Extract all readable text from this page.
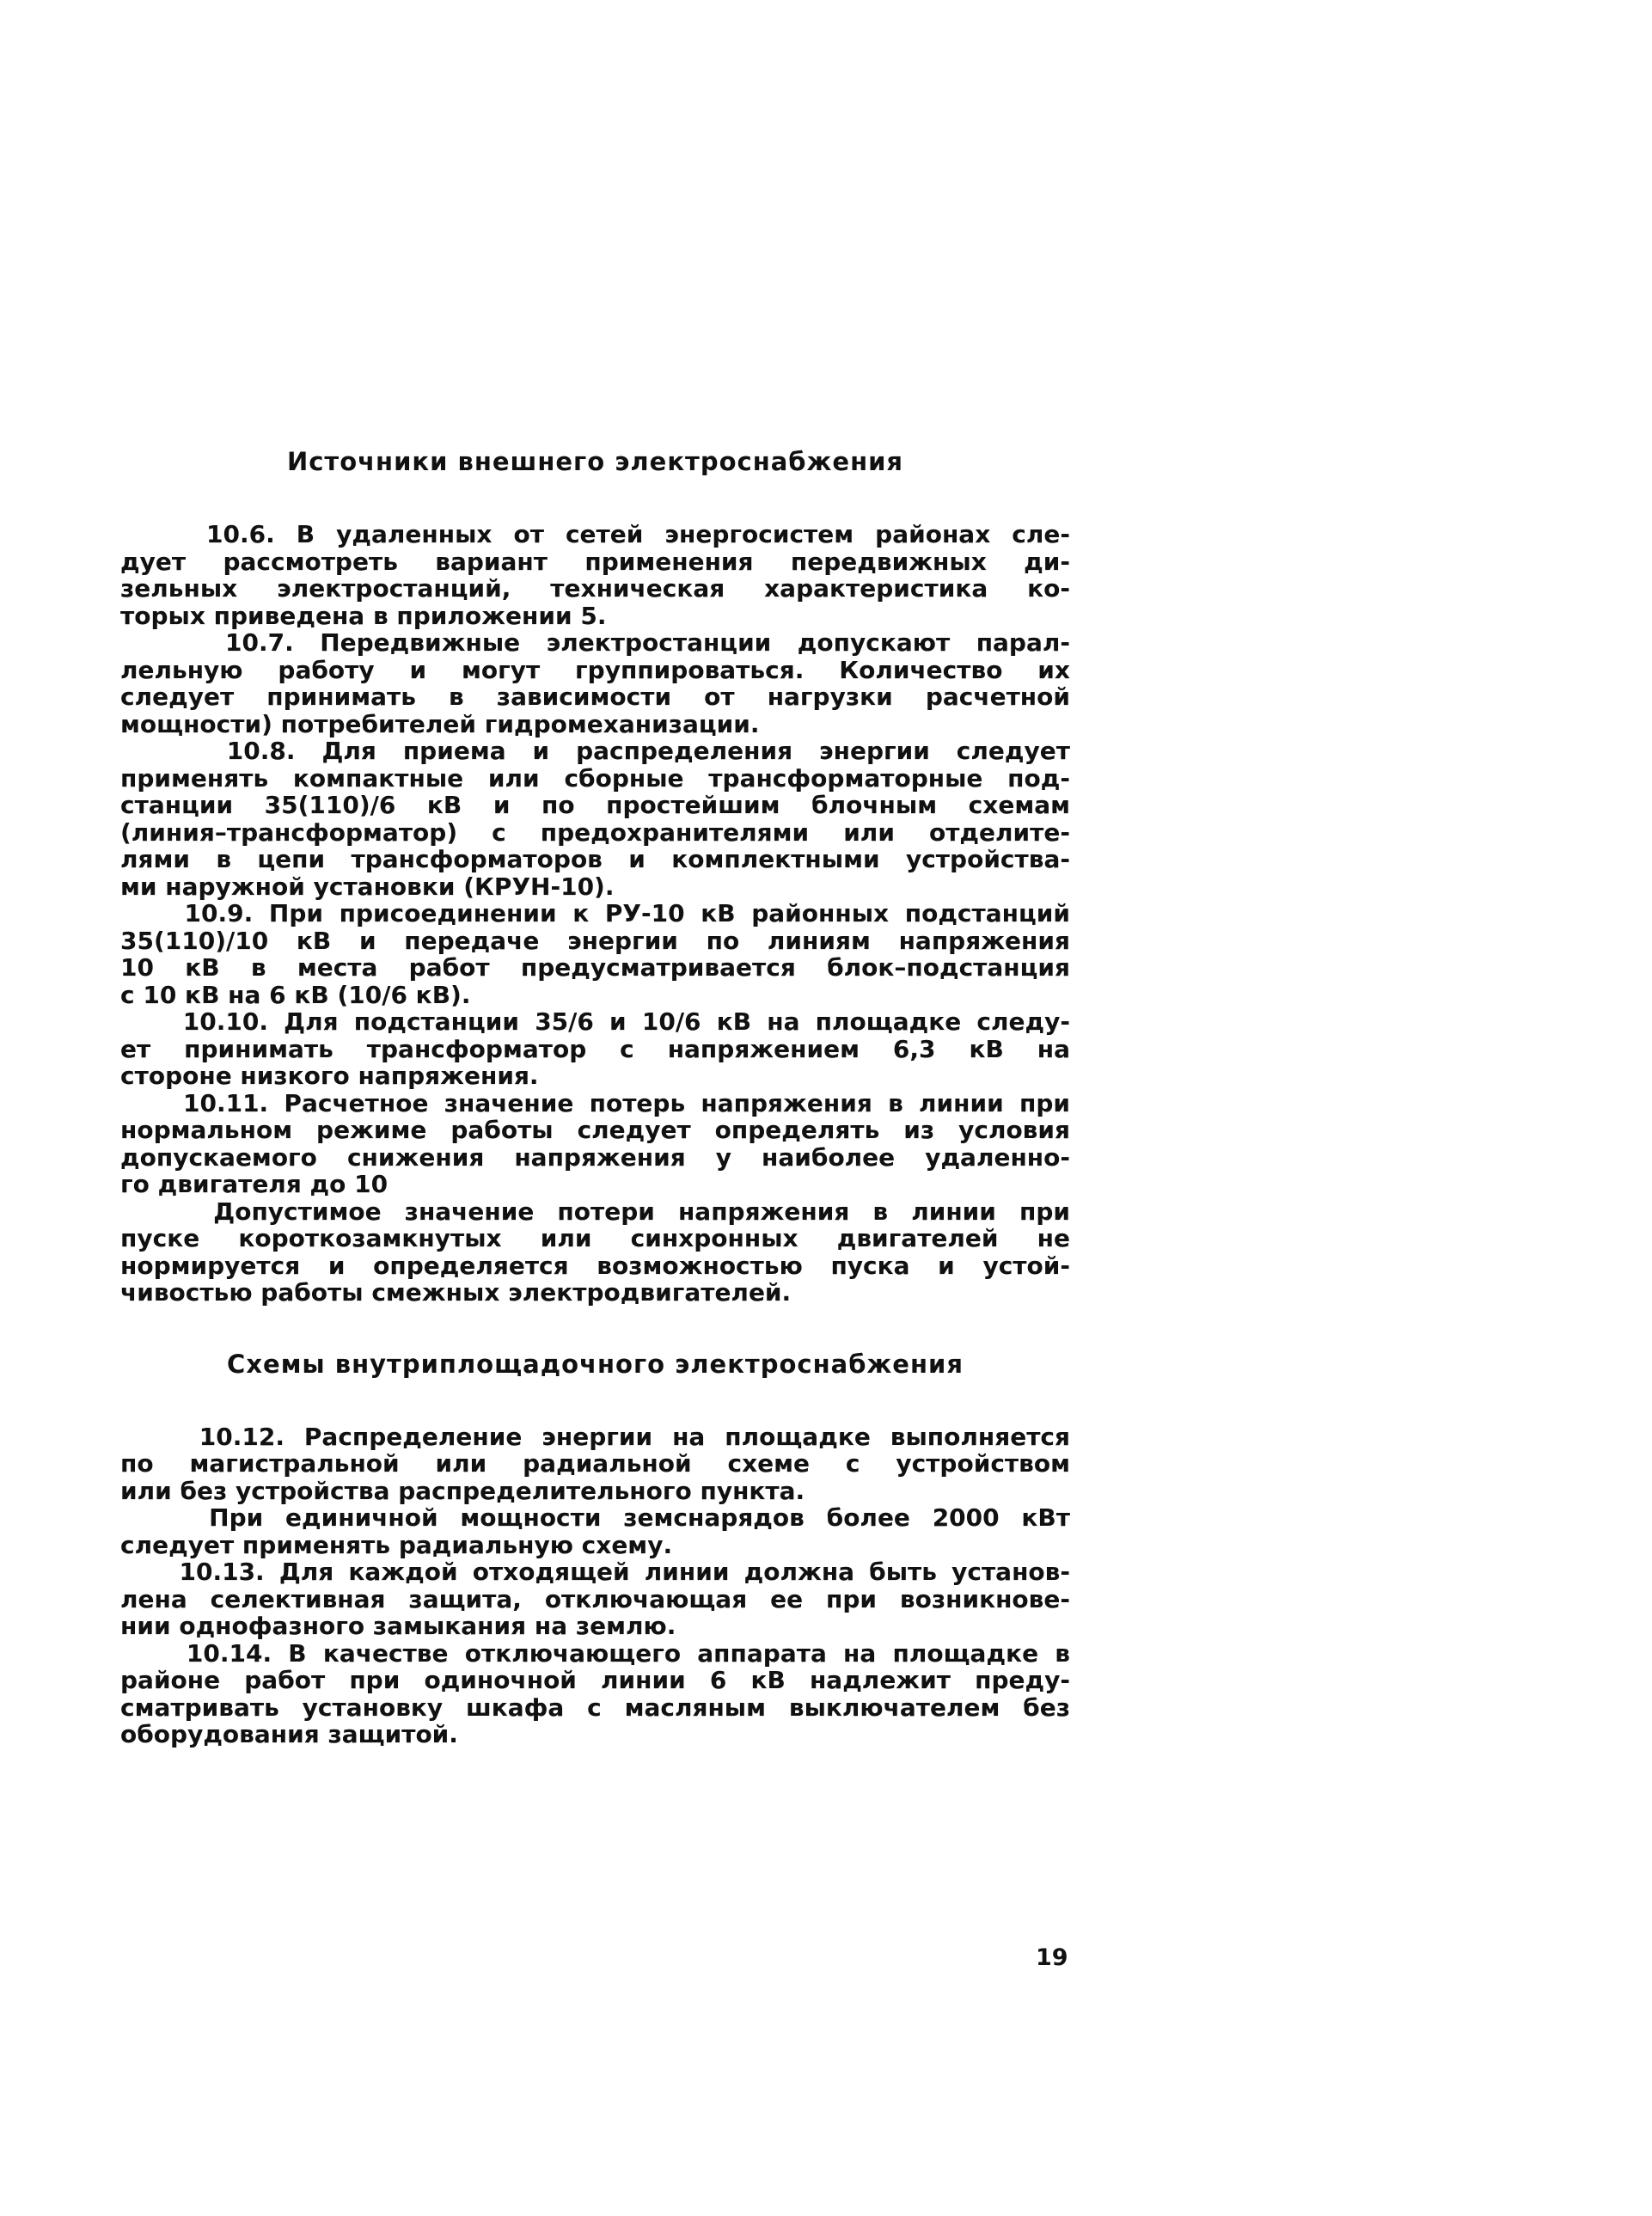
Источники внешнего электроснабжения

10.6. В удаленных от сетей энергосистем районах сле-
дует рассмотреть вариант применения передвижных ди-
зельных электростанций, техническая характеристика ко-
торых приведена в приложении 5.

10.7. Передвижные электростанции допускают парал-
лельную работу и могут группироваться. Количество их
следует принимать в зависимости от нагрузки расчетной
мощности) потребителей гидромеханизации.

10.8. Для приема и распределения энергии следует
применять компактные или сборные трансформаторные под-
станции 35(110)/6 кВ и по простейшим блочным схемам
(линия–трансформатор) с предохранителями или отделите-
лями в цепи трансформаторов и комплектными устройства-
ми наружной установки (КРУН-10).

10.9. При присоединении к РУ-10 кВ районных подстанций
35(110)/10 кВ и передаче энергии по линиям напряжения
10 кВ в места работ предусматривается блок–подстанция
с 10 кВ на 6 кВ (10/6 кВ).

10.10. Для подстанции 35/6 и 10/6 кВ на площадке следу-
ет принимать трансформатор с напряжением 6,3 кВ на
стороне низкого напряжения.

10.11. Расчетное значение потерь напряжения в линии при
нормальном режиме работы следует определять из условия
допускаемого снижения напряжения у наиболее удаленно-
го двигателя до 10

Допустимое значение потери напряжения в линии при
пуске короткозамкнутых или синхронных двигателей не
нормируется и определяется возможностью пуска и устой-
чивостью работы смежных электродвигателей.

Схемы внутриплощадочного электроснабжения

10.12. Распределение энергии на площадке выполняется
по магистральной или радиальной схеме с устройством
или без устройства распределительного пункта.

При единичной мощности земснарядов более 2000 кВт
следует применять радиальную схему.

10.13. Для каждой отходящей линии должна быть установ-
лена селективная защита, отключающая ее при возникнове-
нии однофазного замыкания на землю.

10.14. В качестве отключающего аппарата на площадке в
районе работ при одиночной линии 6 кВ надлежит преду-
сматривать установку шкафа с масляным выключателем без
оборудования защитой.

19
